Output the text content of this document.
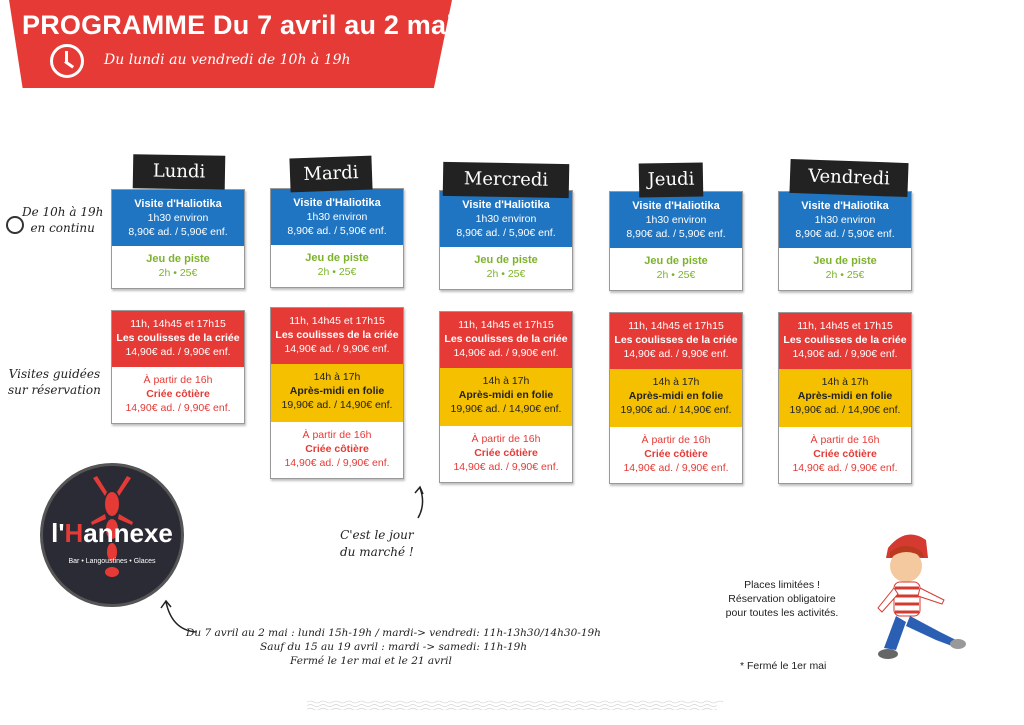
PROGRAMME Du 7 avril au 2 mai*
Du lundi au vendredi de 10h à 19h
De 10h à 19h
en continu
Visites guidées
sur réservation
Lundi
Visite d'Haliotika
1h30 environ
8,90€ ad. / 5,90€ enf.
Jeu de piste
2h • 25€
11h, 14h45 et 17h15
Les coulisses de la criée
14,90€ ad. / 9,90€ enf.
À partir de 16h
Criée côtière
14,90€ ad. / 9,90€ enf.
Mardi
Visite d'Haliotika
1h30 environ
8,90€ ad. / 5,90€ enf.
Jeu de piste
2h • 25€
11h, 14h45 et 17h15
Les coulisses de la criée
14,90€ ad. / 9,90€ enf.
14h à 17h
Après-midi en folie
19,90€ ad. / 14,90€ enf.
À partir de 16h
Criée côtière
14,90€ ad. / 9,90€ enf.
Mercredi
Visite d'Haliotika
1h30 environ
8,90€ ad. / 5,90€ enf.
Jeu de piste
2h • 25€
11h, 14h45 et 17h15
Les coulisses de la criée
14,90€ ad. / 9,90€ enf.
14h à 17h
Après-midi en folie
19,90€ ad. / 14,90€ enf.
À partir de 16h
Criée côtière
14,90€ ad. / 9,90€ enf.
Jeudi
Visite d'Haliotika
1h30 environ
8,90€ ad. / 5,90€ enf.
Jeu de piste
2h • 25€
11h, 14h45 et 17h15
Les coulisses de la criée
14,90€ ad. / 9,90€ enf.
14h à 17h
Après-midi en folie
19,90€ ad. / 14,90€ enf.
À partir de 16h
Criée côtière
14,90€ ad. / 9,90€ enf.
Vendredi
Visite d'Haliotika
1h30 environ
8,90€ ad. / 5,90€ enf.
Jeu de piste
2h • 25€
11h, 14h45 et 17h15
Les coulisses de la criée
14,90€ ad. / 9,90€ enf.
14h à 17h
Après-midi en folie
19,90€ ad. / 14,90€ enf.
À partir de 16h
Criée côtière
14,90€ ad. / 9,90€ enf.
C'est le jour
du marché !
l'Hannexe
Bar • Langoustines • Glaces
Du 7 avril au 2 mai : lundi 15h-19h / mardi-> vendredi: 11h-13h30/14h30-19h
Sauf du 15 au 19 avril : mardi -> samedi: 11h-19h
Fermé le 1er mai et le 21 avril
Places limitées !
Réservation obligatoire
pour toutes les activités.
* Fermé le 1er mai
